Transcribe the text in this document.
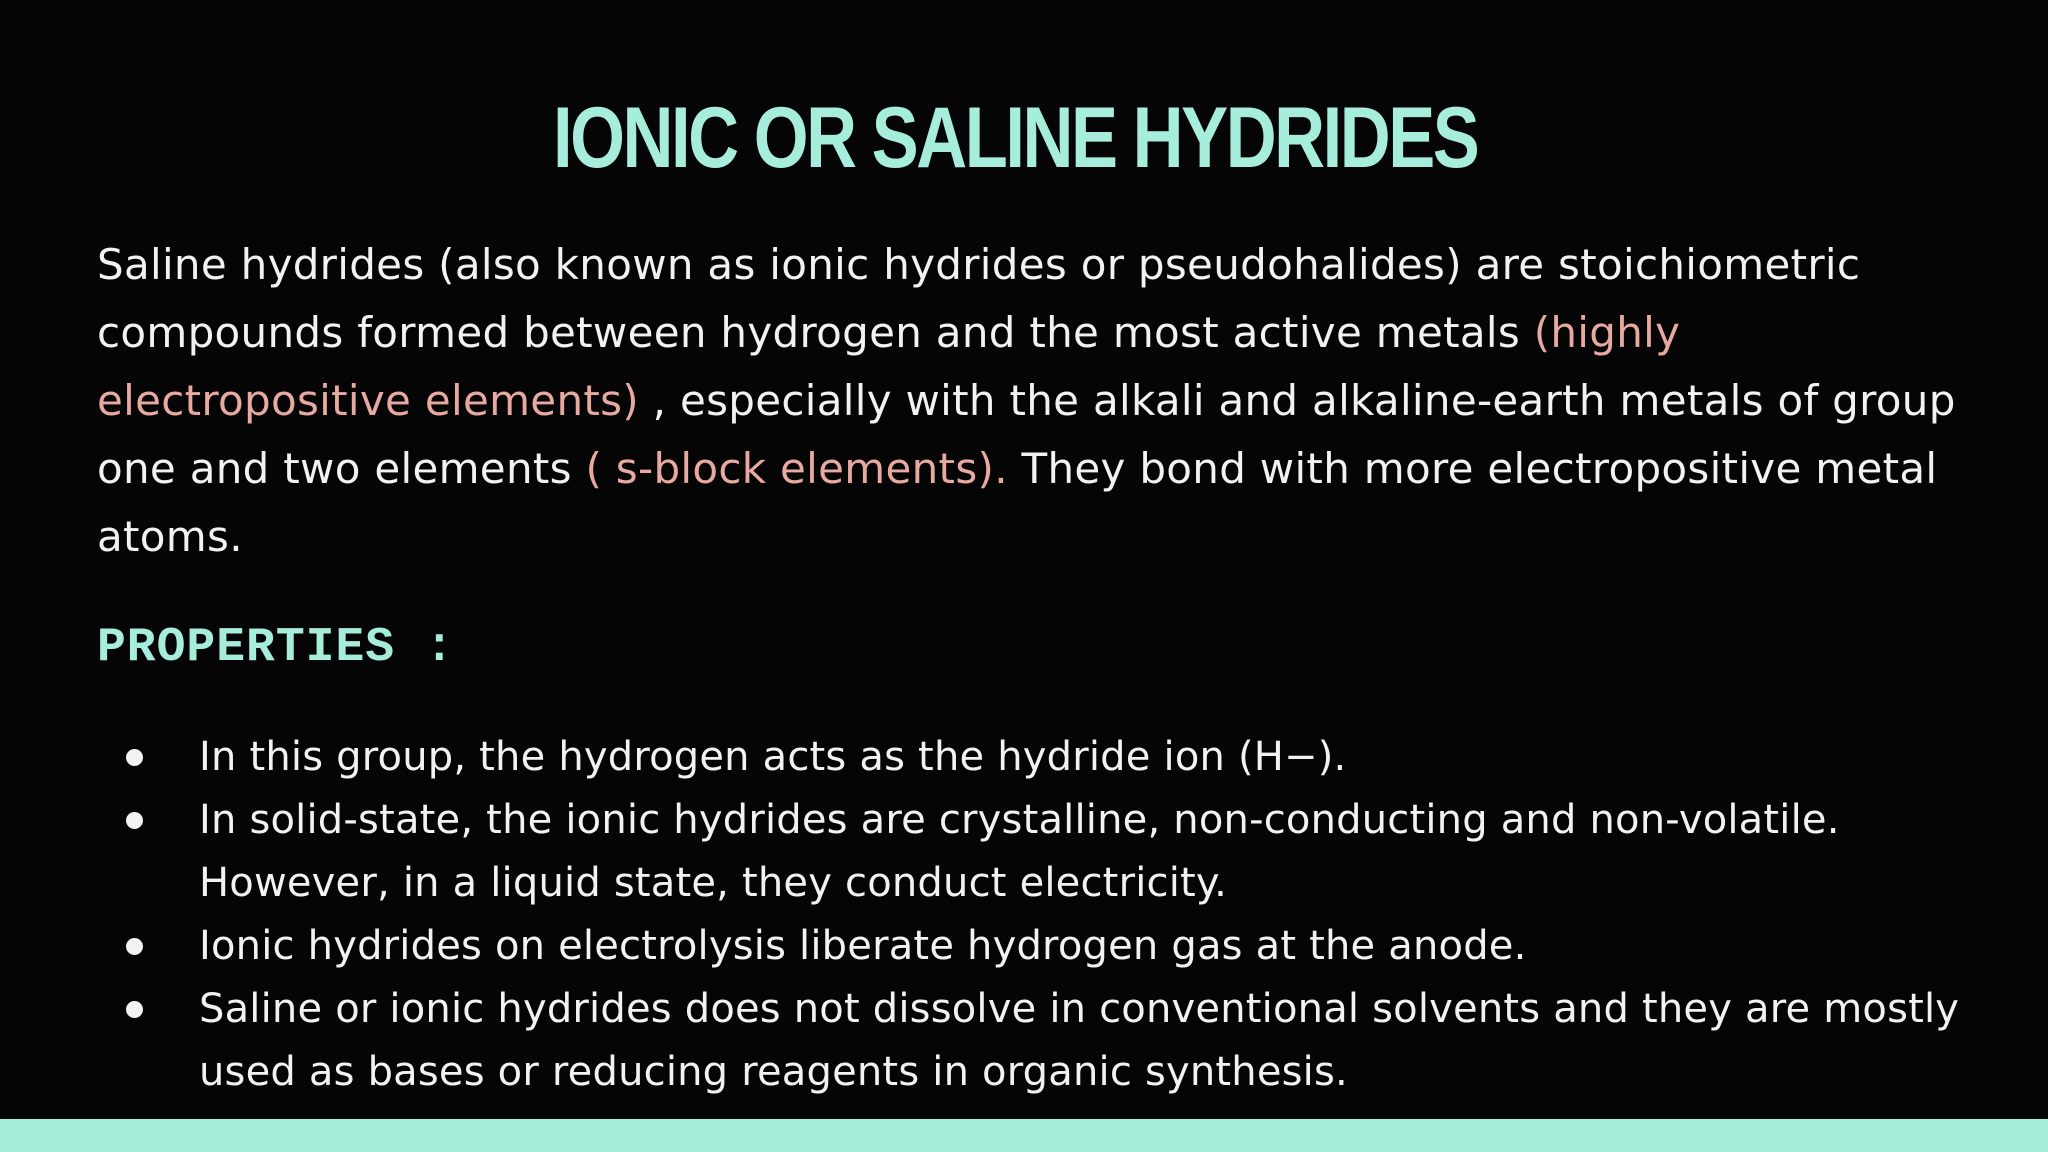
IONIC OR SALINE HYDRIDES

Saline hydrides (also known as ionic hydrides or pseudohalides) are stoichiometric compounds formed between hydrogen and the most active metals (highly electropositive elements) , especially with the alkali and alkaline-earth metals of group one and two elements ( s-block elements). They bond with more electropositive metal atoms.

PROPERTIES :
In this group, the hydrogen acts as the hydride ion (H−).
In solid-state, the ionic hydrides are crystalline, non-conducting and non-volatile. However, in a liquid state, they conduct electricity.
Ionic hydrides on electrolysis liberate hydrogen gas at the anode.
Saline or ionic hydrides does not dissolve in conventional solvents and they are mostly used as bases or reducing reagents in organic synthesis.
